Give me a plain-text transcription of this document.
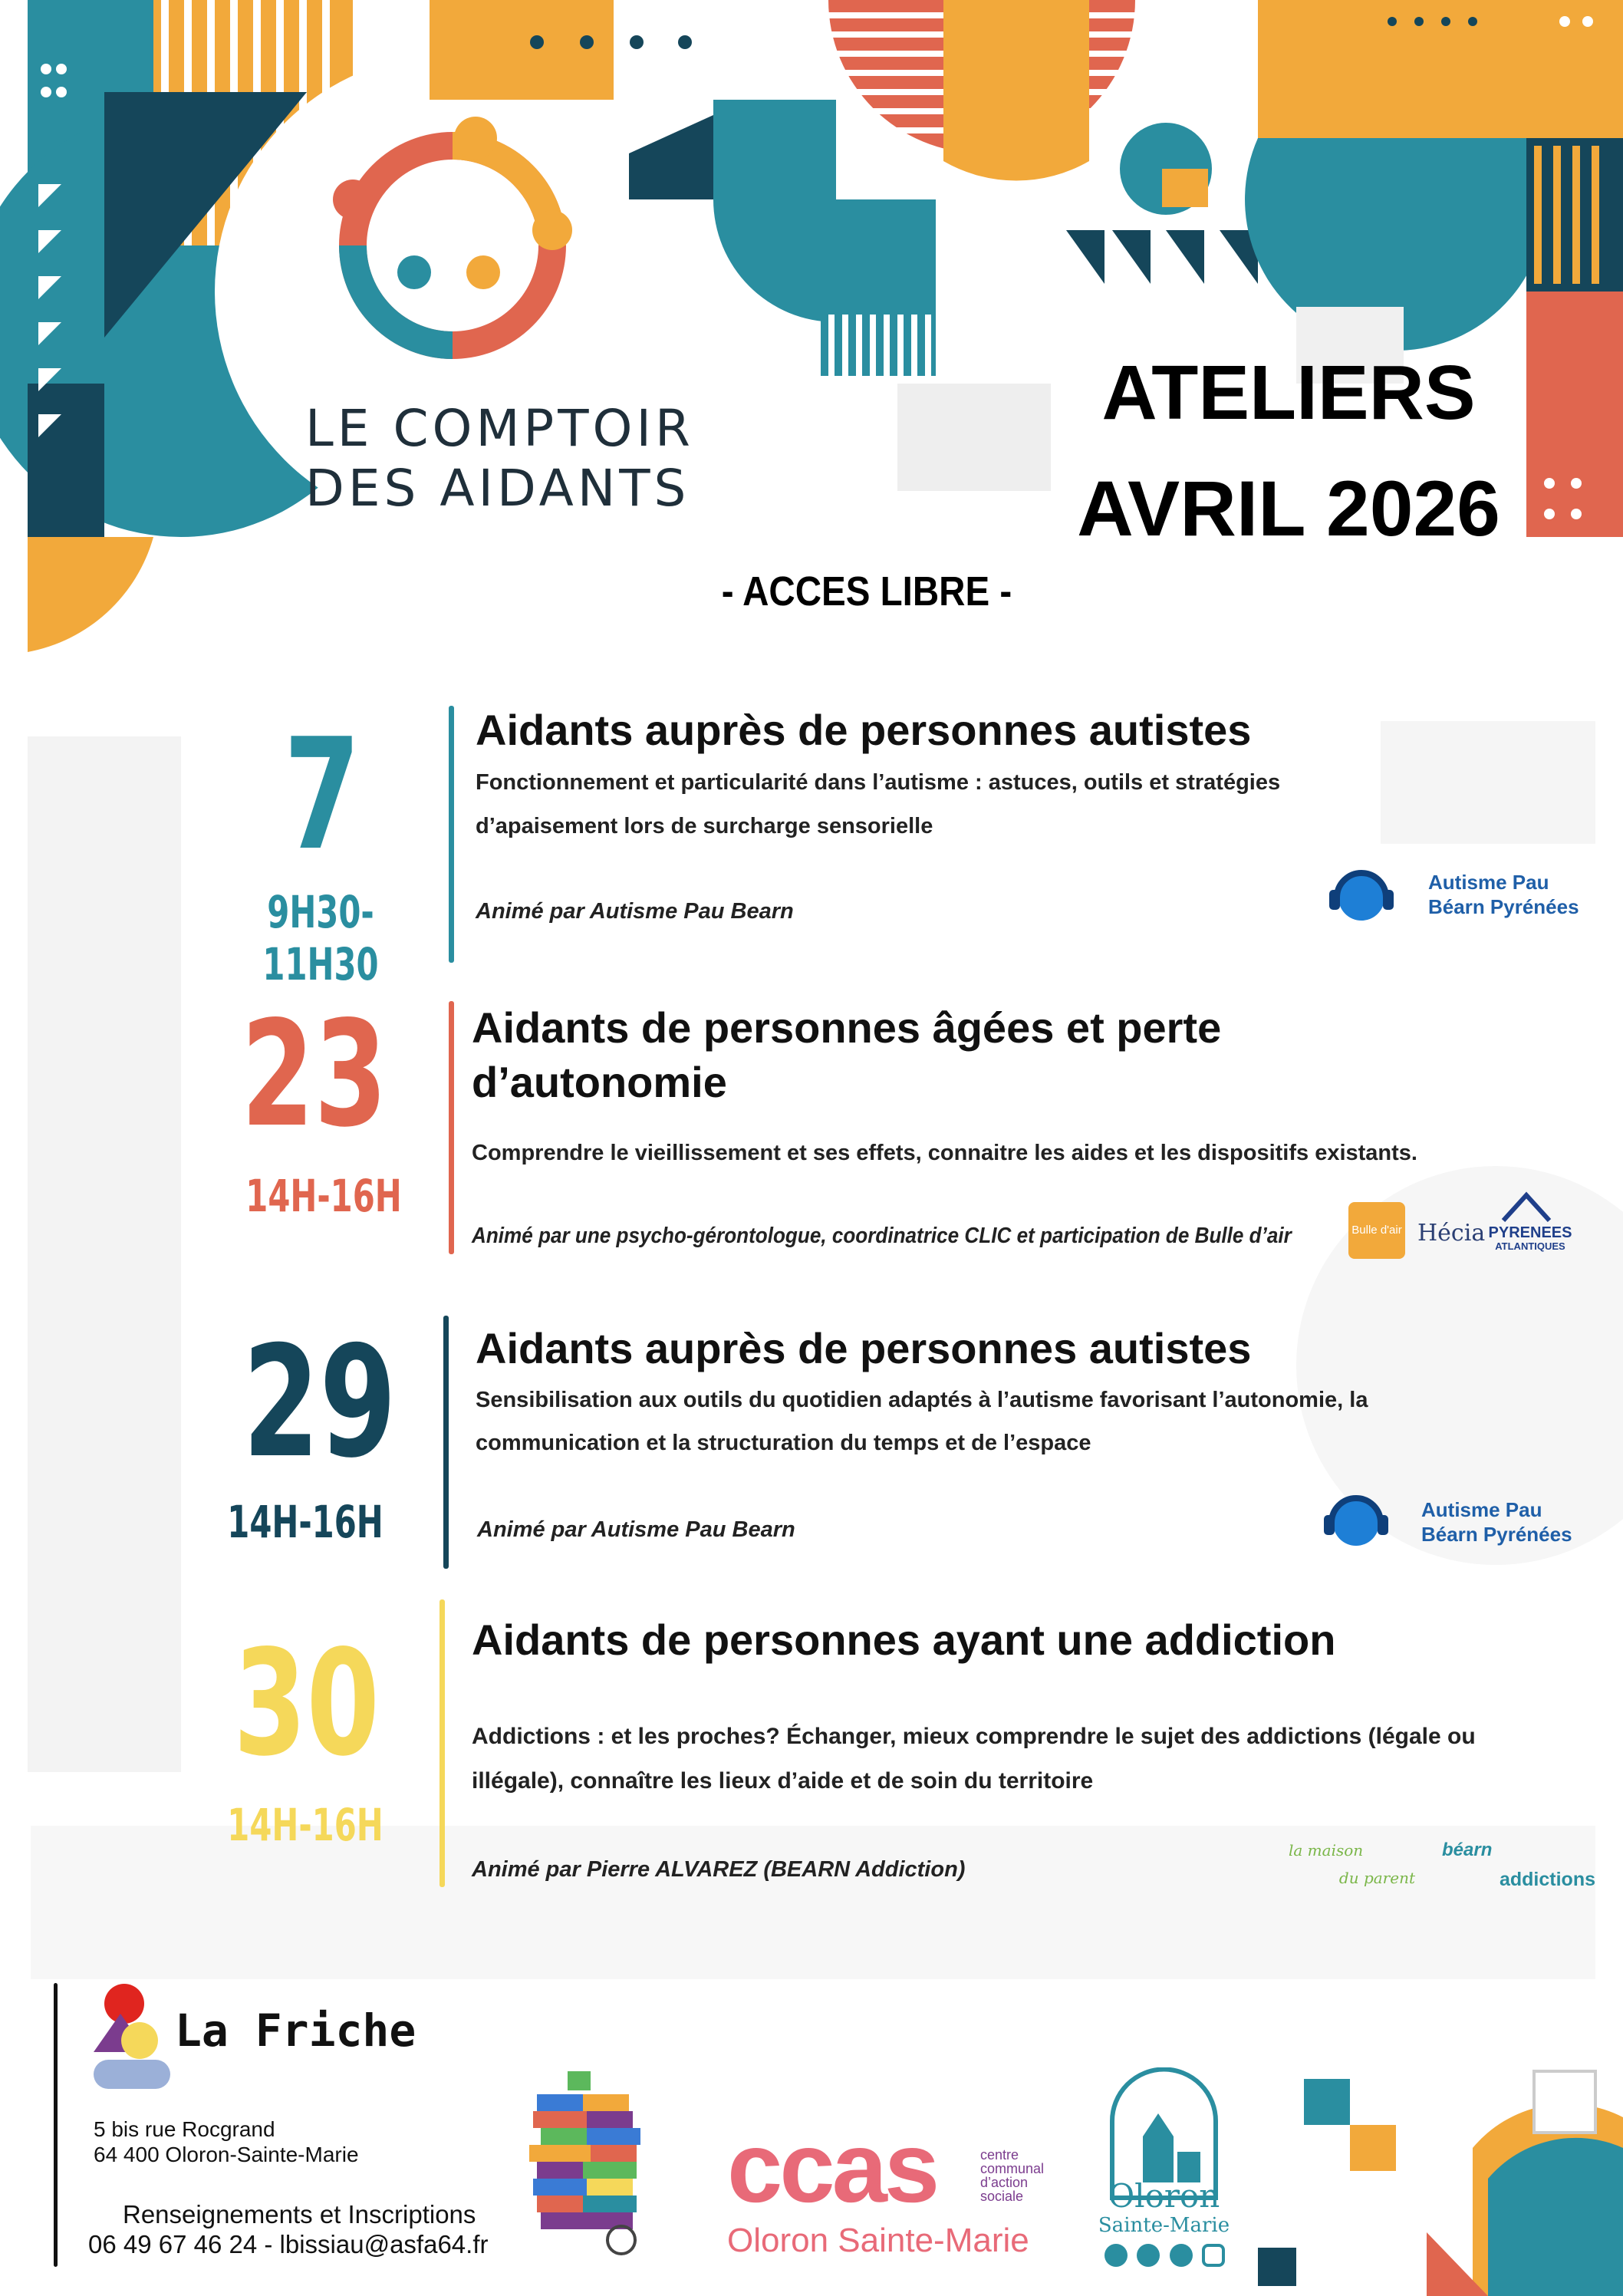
LE COMPTOIR
DES AIDANTS
ATELIERS
AVRIL 2026
- ACCES LIBRE -
7
9H30-11H30
Aidants auprès de personnes autistes
Fonctionnement et particularité dans l’autisme : astuces, outils et stratégies
d’apaisement lors de surcharge sensorielle
Animé par Autisme Pau Bearn
Autisme Pau
Béarn Pyrénées
23
14H-16H
Aidants de personnes âgées et perte
d’autonomie
Comprendre le vieillissement et ses effets, connaitre les aides et les dispositifs existants.
Animé par une psycho-gérontologue, coordinatrice CLIC et participation de Bulle d’air	Bulle d'air Hécia PYRENEES
ATLANTIQUES
29
14H-16H
Aidants auprès de personnes autistes
Sensibilisation aux outils du quotidien adaptés à l’autisme favorisant l’autonomie, la
communication et la structuration du temps et de l’espace
Animé par Autisme Pau Bearn
Autisme Pau
Béarn Pyrénées
30
14H-16H
Aidants de personnes ayant une addiction
Addictions : et les proches? Échanger, mieux comprendre le sujet des addictions (légale ou
illégale), connaître les lieux d’aide et de soin du territoire
Animé par Pierre ALVAREZ (BEARN Addiction)
la maison
du parent
béarn
addictions
La Friche
5 bis rue Rocgrand
64 400 Oloron-Sainte-Marie
Renseignements et Inscriptions
06 49 67 46 24 - lbissiau@asfa64.fr
ccas	centre
communal
d’action
sociale
Oloron Sainte-Marie
Oloron
Sainte-Marie
